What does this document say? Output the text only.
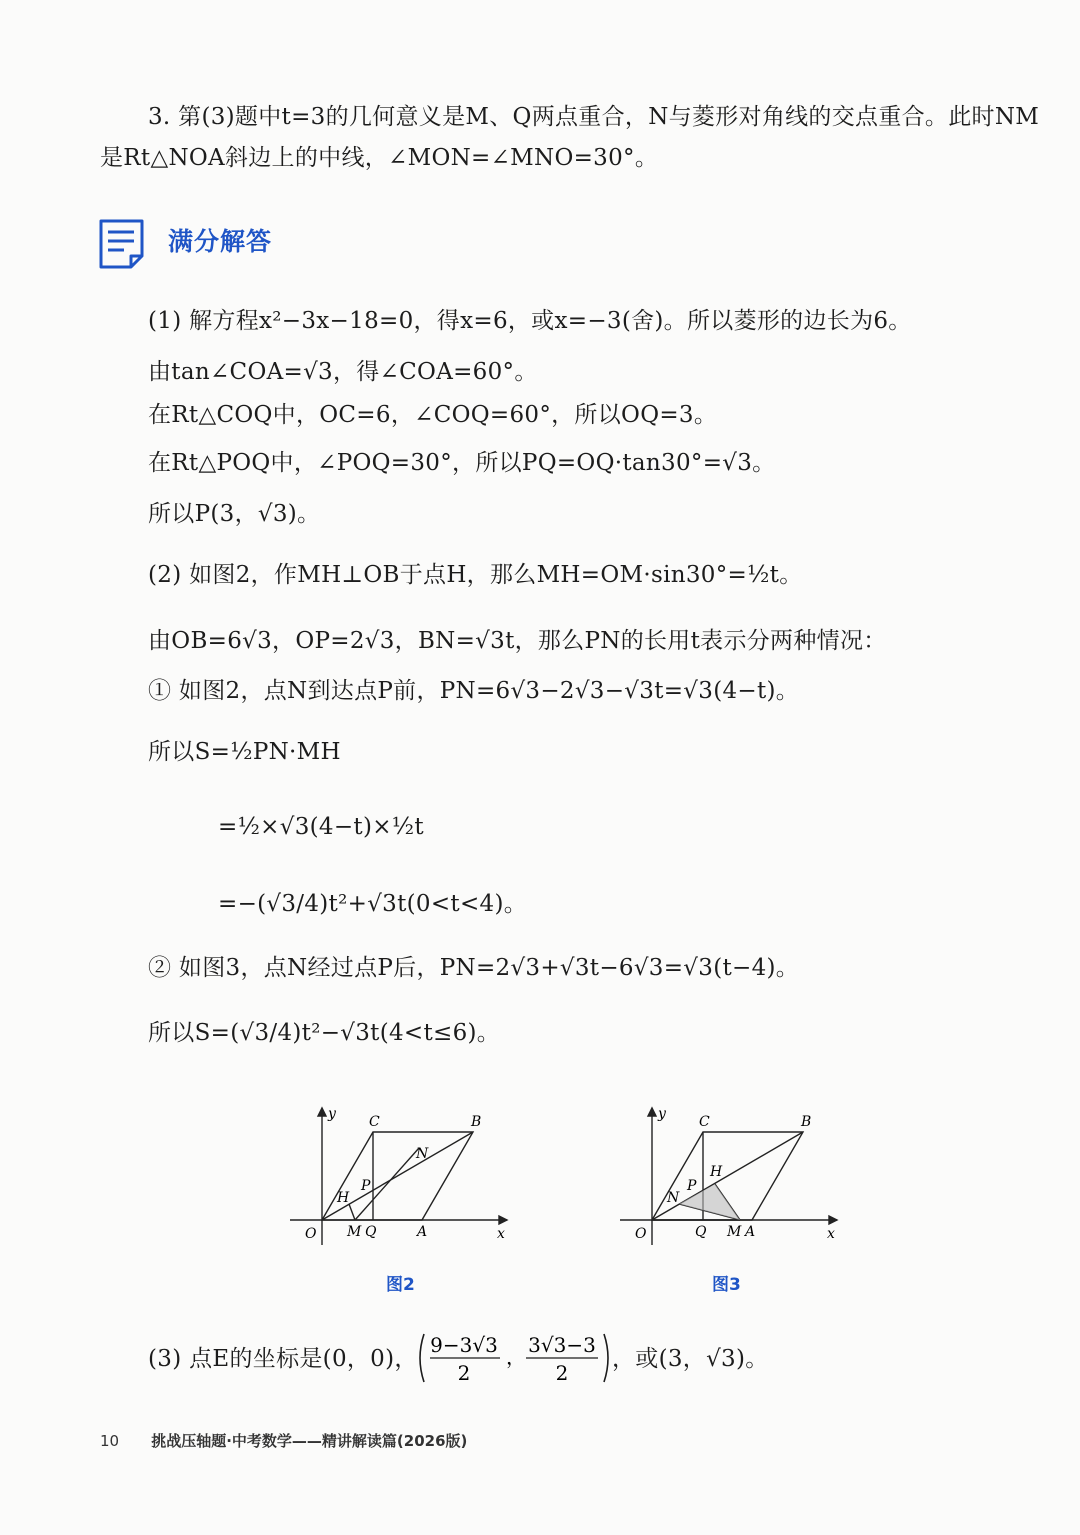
3. 第(3)题中t=3的几何意义是M、Q两点重合，N与菱形对角线的交点重合。此时NM
是Rt△NOA斜边上的中线，∠MON=∠MNO=30°。
满分解答
(1) 解方程x²−3x−18=0，得x=6，或x=−3(舍)。所以菱形的边长为6。
由tan∠COA=√3，得∠COA=60°。
在Rt△COQ中，OC=6，∠COQ=60°，所以OQ=3。
在Rt△POQ中，∠POQ=30°，所以PQ=OQ·tan30°=√3。
所以P(3，√3)。
(2) 如图2，作MH⊥OB于点H，那么MH=OM·sin30°=½t。
由OB=6√3，OP=2√3，BN=√3t，那么PN的长用t表示分两种情况：
① 如图2，点N到达点P前，PN=6√3−2√3−√3t=√3(4−t)。
所以S=½PN·MH
=½×√3(4−t)×½t
=−(√3/4)t²+√3t(0<t<4)。
② 如图3，点N经过点P后，PN=2√3+√3t−6√3=√3(t−4)。
所以S=(√3/4)t²−√3t(4<t≤6)。
O
y
x
C	B
N
H
P
M Q	A
图2
O
y
x
C	B
H
N
P
Q M A
图3
(3) 点E的坐标是(0，0)，
9−3√3
2
， 3√3−3
2
，或(3，√3)。
10 挑战压轴题·中考数学——精讲解读篇(2026版)
